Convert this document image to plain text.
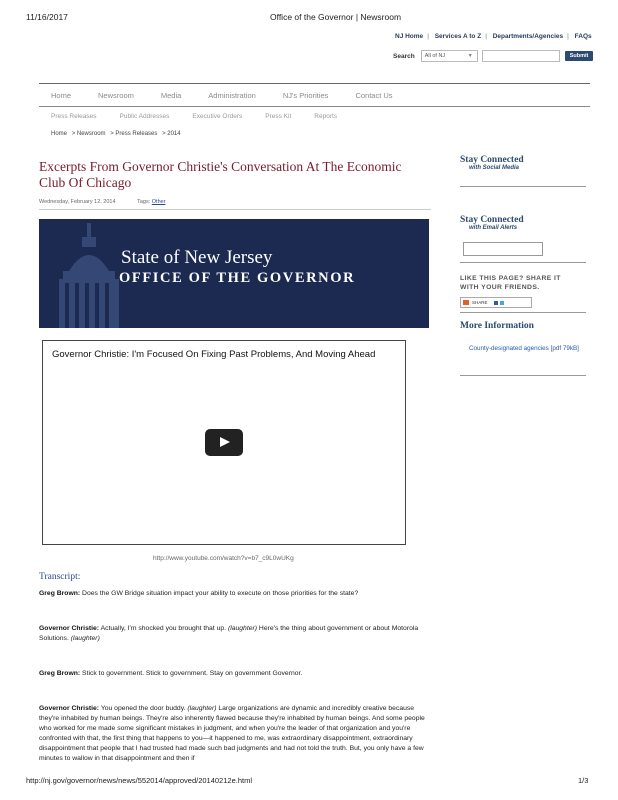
11/16/2017	Office of the Governor | Newsroom
NJ Home | Services A to Z | Departments/Agencies | FAQs
Search	All of NJ	▼	Submit
Home	Newsroom	Media	Administration	NJ's Priorities	Contact Us
Press Releases	Public Addresses	Executive Orders	Press Kit	Reports
Home > Newsroom > Press Releases > 2014
Excerpts From Governor Christie's Conversation At The Economic Club Of Chicago
Wednesday, February 12, 2014	Tags: Other
State of New Jersey
OFFICE OF THE GOVERNOR
Governor Christie: I'm Focused On Fixing Past Problems, And Moving Ahead
http://www.youtube.com/watch?v=b7_c9L0wUKg
Transcript:
Greg Brown: Does the GW Bridge situation impact your ability to execute on those priorities for the state?
Governor Christie: Actually, I'm shocked you brought that up. (laughter) Here's the thing about government or about Motorola Solutions. (laughter)
Greg Brown: Stick to government. Stick to government. Stay on government Governor.
Governor Christie: You opened the door buddy. (laughter) Large organizations are dynamic and incredibly creative because they're inhabited by human beings. They're also inherently flawed because they're inhabited by human beings. And some people who worked for me made some significant mistakes in judgment, and when you're the leader of that organization and you're confronted with that, the first thing that happens to you—it happened to me, was extraordinary disappointment, extraordinary disappointment that people that I had trusted had made such bad judgments and had not told the truth. But, you only have a few minutes to wallow in that disappointment and then if
Stay Connected
with Social Media
Stay Connected
with Email Alerts
LIKE THIS PAGE? SHARE IT
WITH YOUR FRIENDS.
SHARE
More Information
County-designated agencies [pdf 79kB]
http://nj.gov/governor/news/news/552014/approved/20140212e.html	1/3
